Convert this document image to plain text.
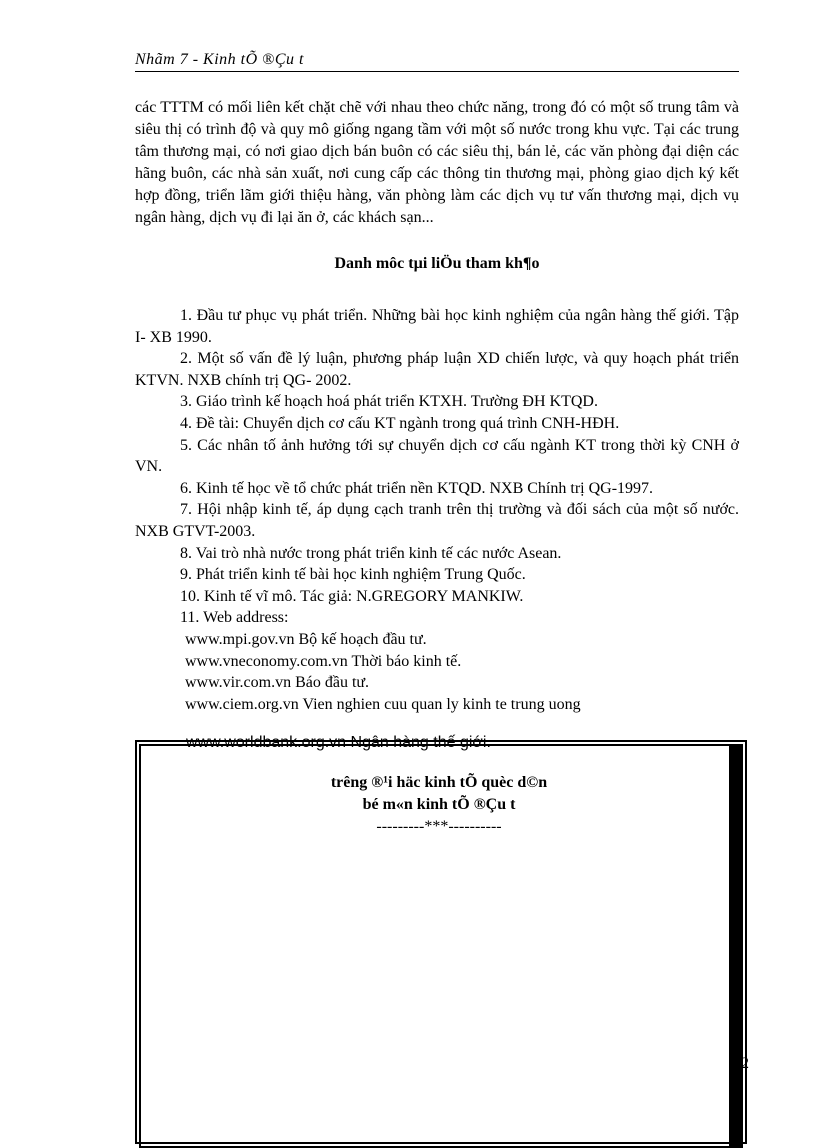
Nhãm 7 - Kinh tÕ ®Çu t
các TTTM có mối liên kết chặt chẽ với nhau theo chức năng, trong đó có một số trung tâm và siêu thị có trình độ và quy mô giống ngang tầm với một số nước trong khu vực. Tại các trung tâm thương mại, có nơi giao dịch bán buôn có các siêu thị, bán lẻ, các văn phòng đại diện các hãng buôn, các nhà sản xuất, nơi cung cấp các thông tin thương mại, phòng giao dịch ký kết hợp đồng, triển lãm giới thiệu hàng, văn phòng làm các dịch vụ tư vấn thương mại, dịch vụ ngân hàng, dịch vụ đi lại ăn ở, các khách sạn...
Danh môc tµi liÖu tham kh¶o
1. Đầu tư phục vụ phát triển. Những bài học kinh nghiệm của ngân hàng thế giới. Tập I- XB 1990.
2. Một số vấn đề lý luận, phương pháp luận XD chiến lược, và quy hoạch phát triển KTVN. NXB chính trị QG- 2002.
3. Giáo trình kế hoạch hoá phát triển KTXH. Trường ĐH KTQD.
4. Đề tài: Chuyển dịch cơ cấu KT ngành trong quá trình CNH-HĐH.
5. Các nhân tố ảnh hưởng tới sự chuyển dịch cơ cấu ngành KT trong thời kỳ CNH ở VN.
6. Kinh tế học về tổ chức phát triển nền KTQD. NXB Chính trị QG-1997.
7. Hội nhập kinh tế, áp dụng cạch tranh trên thị trường và đối sách của một số nước. NXB GTVT-2003.
8. Vai trò nhà nước trong phát triển kinh tế các nước Asean.
9. Phát triển kinh tế bài học kinh nghiệm Trung Quốc.
10. Kinh tế vĩ mô. Tác giả: N.GREGORY MANKIW.
11. Web address:
www.mpi.gov.vn Bộ kế hoạch đầu tư.
www.vneconomy.com.vn Thời báo kinh tế.
www.vir.com.vn Báo đầu tư.
www.ciem.org.vn Vien nghien cuu quan ly kinh te trung uong
www.worldbank.org.vn Ngân hàng thế giới.
trêng ®¹i häc kinh tÕ quèc d©n
bé m«n kinh tÕ ®Çu t
---------***----------
52
